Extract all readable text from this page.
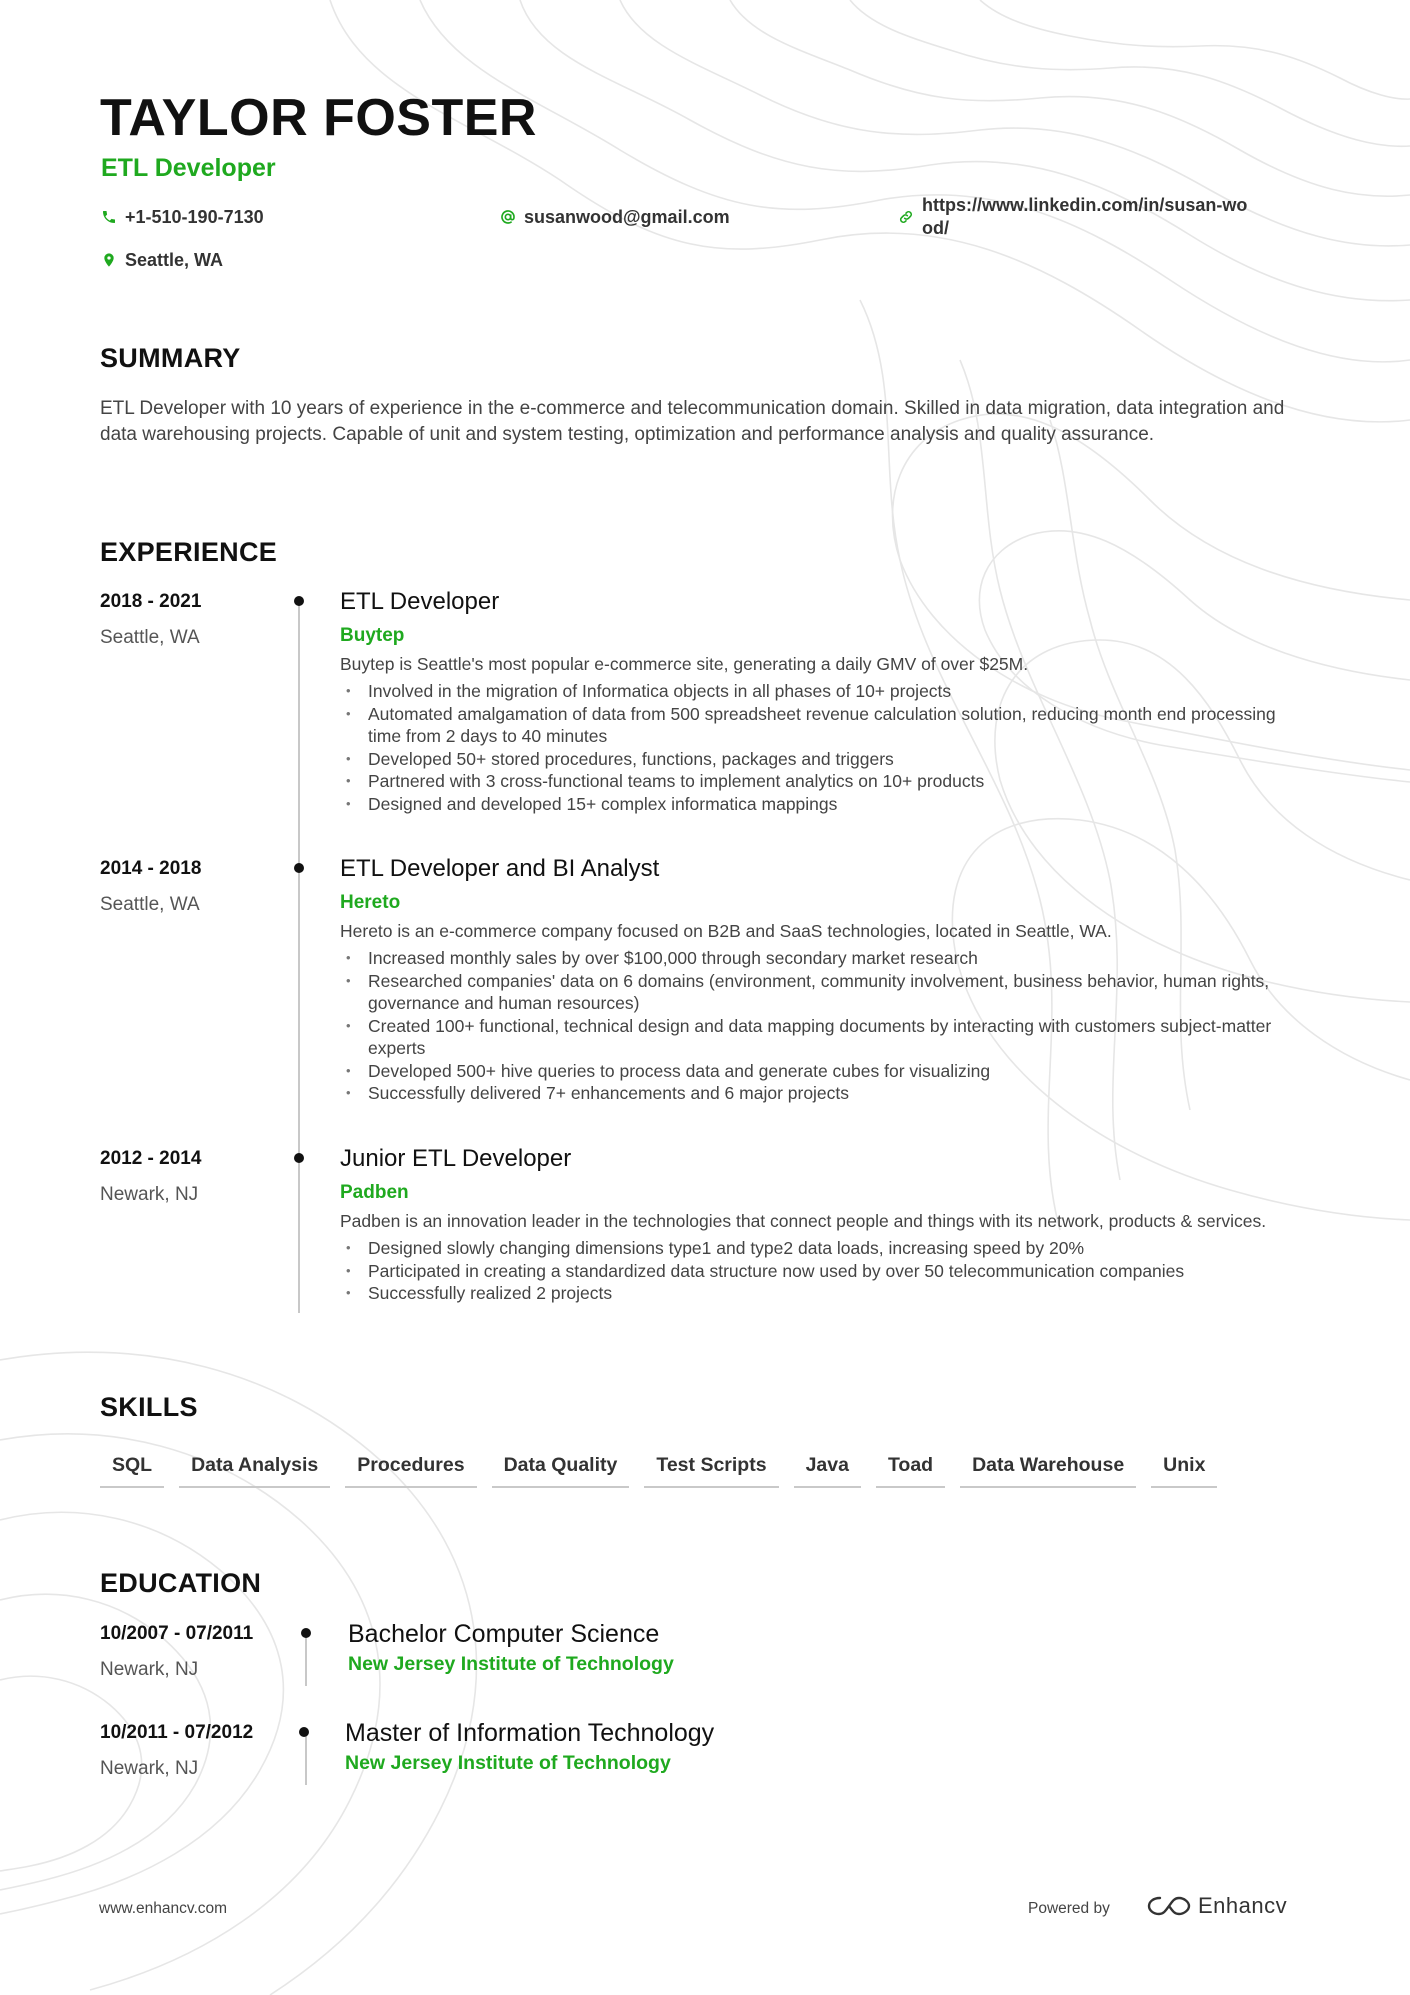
TAYLOR FOSTER
ETL Developer
+1-510-190-7130	susanwood@gmail.com
https://www.linkedin.com/in/susan-wood/
Seattle, WA
SUMMARY
ETL Developer with 10 years of experience in the e-commerce and telecommunication domain. Skilled in data migration, data integration and data warehousing projects. Capable of unit and system testing, optimization and performance analysis and quality assurance.
EXPERIENCE
2018 - 2021
Seattle, WA
ETL Developer
Buytep
Buytep is Seattle's most popular e-commerce site, generating a daily GMV of over $25M.
• Involved in the migration of Informatica objects in all phases of 10+ projects
• Automated amalgamation of data from 500 spreadsheet revenue calculation solution, reducing month end processing time from 2 days to 40 minutes
• Developed 50+ stored procedures, functions, packages and triggers
• Partnered with 3 cross-functional teams to implement analytics on 10+ products
• Designed and developed 15+ complex informatica mappings
2014 - 2018
Seattle, WA
ETL Developer and BI Analyst
Hereto
Hereto is an e-commerce company focused on B2B and SaaS technologies, located in Seattle, WA.
• Increased monthly sales by over $100,000 through secondary market research
• Researched companies' data on 6 domains (environment, community involvement, business behavior, human rights, governance and human resources)
• Created 100+ functional, technical design and data mapping documents by interacting with customers subject-matter experts
• Developed 500+ hive queries to process data and generate cubes for visualizing
• Successfully delivered 7+ enhancements and 6 major projects
2012 - 2014
Newark, NJ
Junior ETL Developer
Padben
Padben is an innovation leader in the technologies that connect people and things with its network, products & services.
• Designed slowly changing dimensions type1 and type2 data loads, increasing speed by 20%
• Participated in creating a standardized data structure now used by over 50 telecommunication companies
• Successfully realized 2 projects
SKILLS
SQL	Data Analysis	Procedures	Data Quality	Test Scripts	Java	Toad	Data Warehouse	Unix
EDUCATION
10/2007 - 07/2011
Newark, NJ
Bachelor Computer Science
New Jersey Institute of Technology
10/2011 - 07/2012
Newark, NJ
Master of Information Technology
New Jersey Institute of Technology
www.enhancv.com	Powered by	Enhancv
